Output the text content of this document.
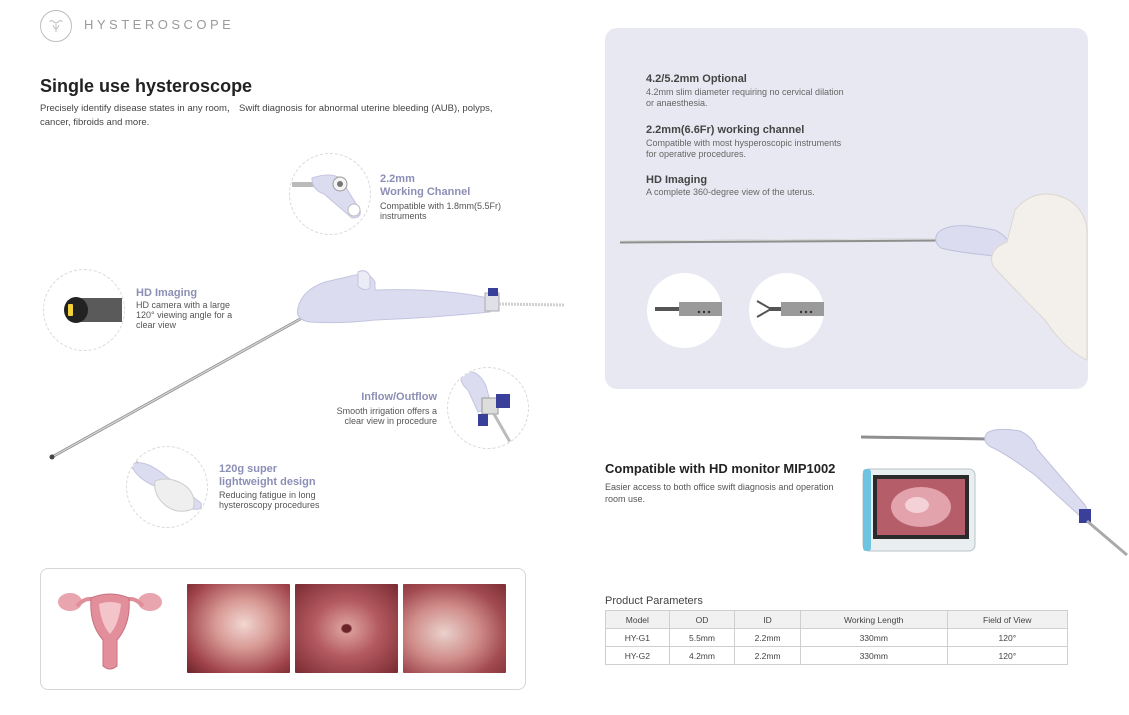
HYSTEROSCOPE
Single use hysteroscope
Precisely identify disease states in any room， Swift diagnosis for abnormal uterine bleeding (AUB), polyps, cancer, fibroids and more.
2.2mm
Working Channel
Compatible with 1.8mm(5.5Fr)
instruments
HD Imaging
HD camera with a large
120° viewing angle for a
clear view
Inflow/Outflow
Smooth irrigation offers a
clear view in procedure
120g super
lightweight design
Reducing fatigue in long
hysteroscopy procedures
4.2/5.2mm Optional
4.2mm slim diameter requiring no cervical dilation
or anaesthesia.
2.2mm(6.6Fr) working channel
Compatible with most hysperoscopic instruments
for operative procedures.
HD Imaging
A complete 360-degree view of the uterus.
Compatible with HD monitor MIP1002
Easier access to both office swift diagnosis and operation room use.
Product Parameters
Model	OD	ID	Working Length	Field of View
HY-G1	5.5mm	2.2mm	330mm	120°
HY-G2	4.2mm	2.2mm	330mm	120°
